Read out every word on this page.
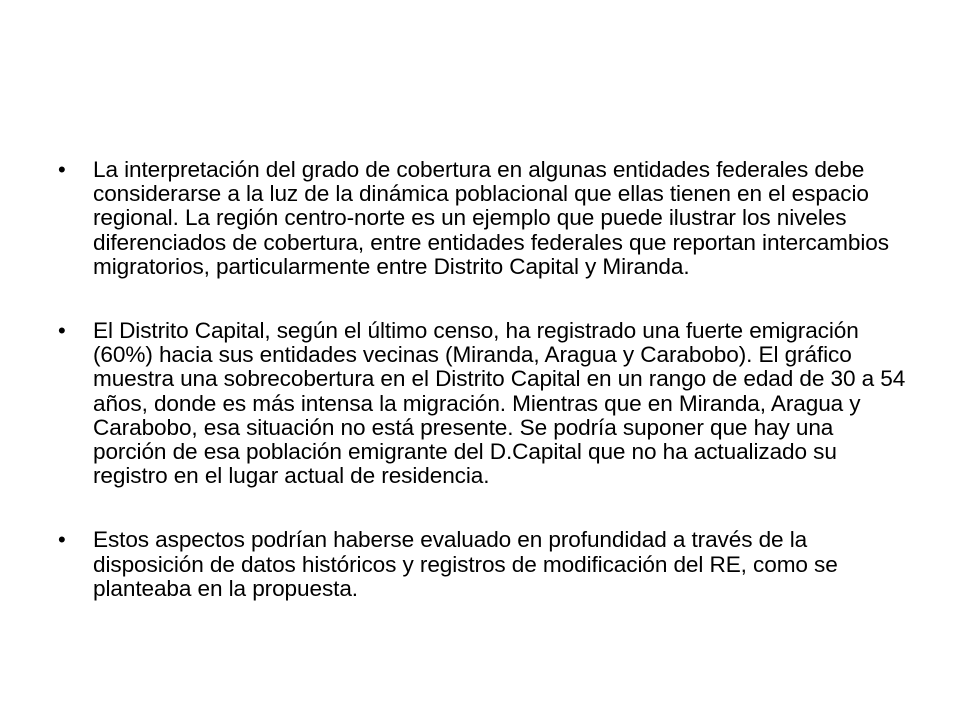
•	La interpretación del grado de cobertura en algunas entidades federales debe considerarse a la luz de la dinámica poblacional que ellas tienen en el espacio regional. La región centro-norte es un ejemplo que puede ilustrar los niveles diferenciados de cobertura, entre entidades federales que reportan intercambios migratorios, particularmente entre Distrito Capital y Miranda.
•	El Distrito Capital, según el último censo, ha registrado una fuerte emigración (60%) hacia sus entidades vecinas (Miranda, Aragua y Carabobo). El gráfico muestra una sobrecobertura en el Distrito Capital en un rango de edad de 30 a 54 años, donde es más intensa la migración. Mientras que en Miranda, Aragua y Carabobo, esa situación no está presente. Se podría suponer que hay una porción de esa población emigrante del D.Capital que no ha actualizado su registro en el lugar actual de residencia.
•	Estos aspectos podrían haberse evaluado en profundidad a través de la disposición de datos históricos y registros de modificación del RE, como se planteaba en la propuesta.
